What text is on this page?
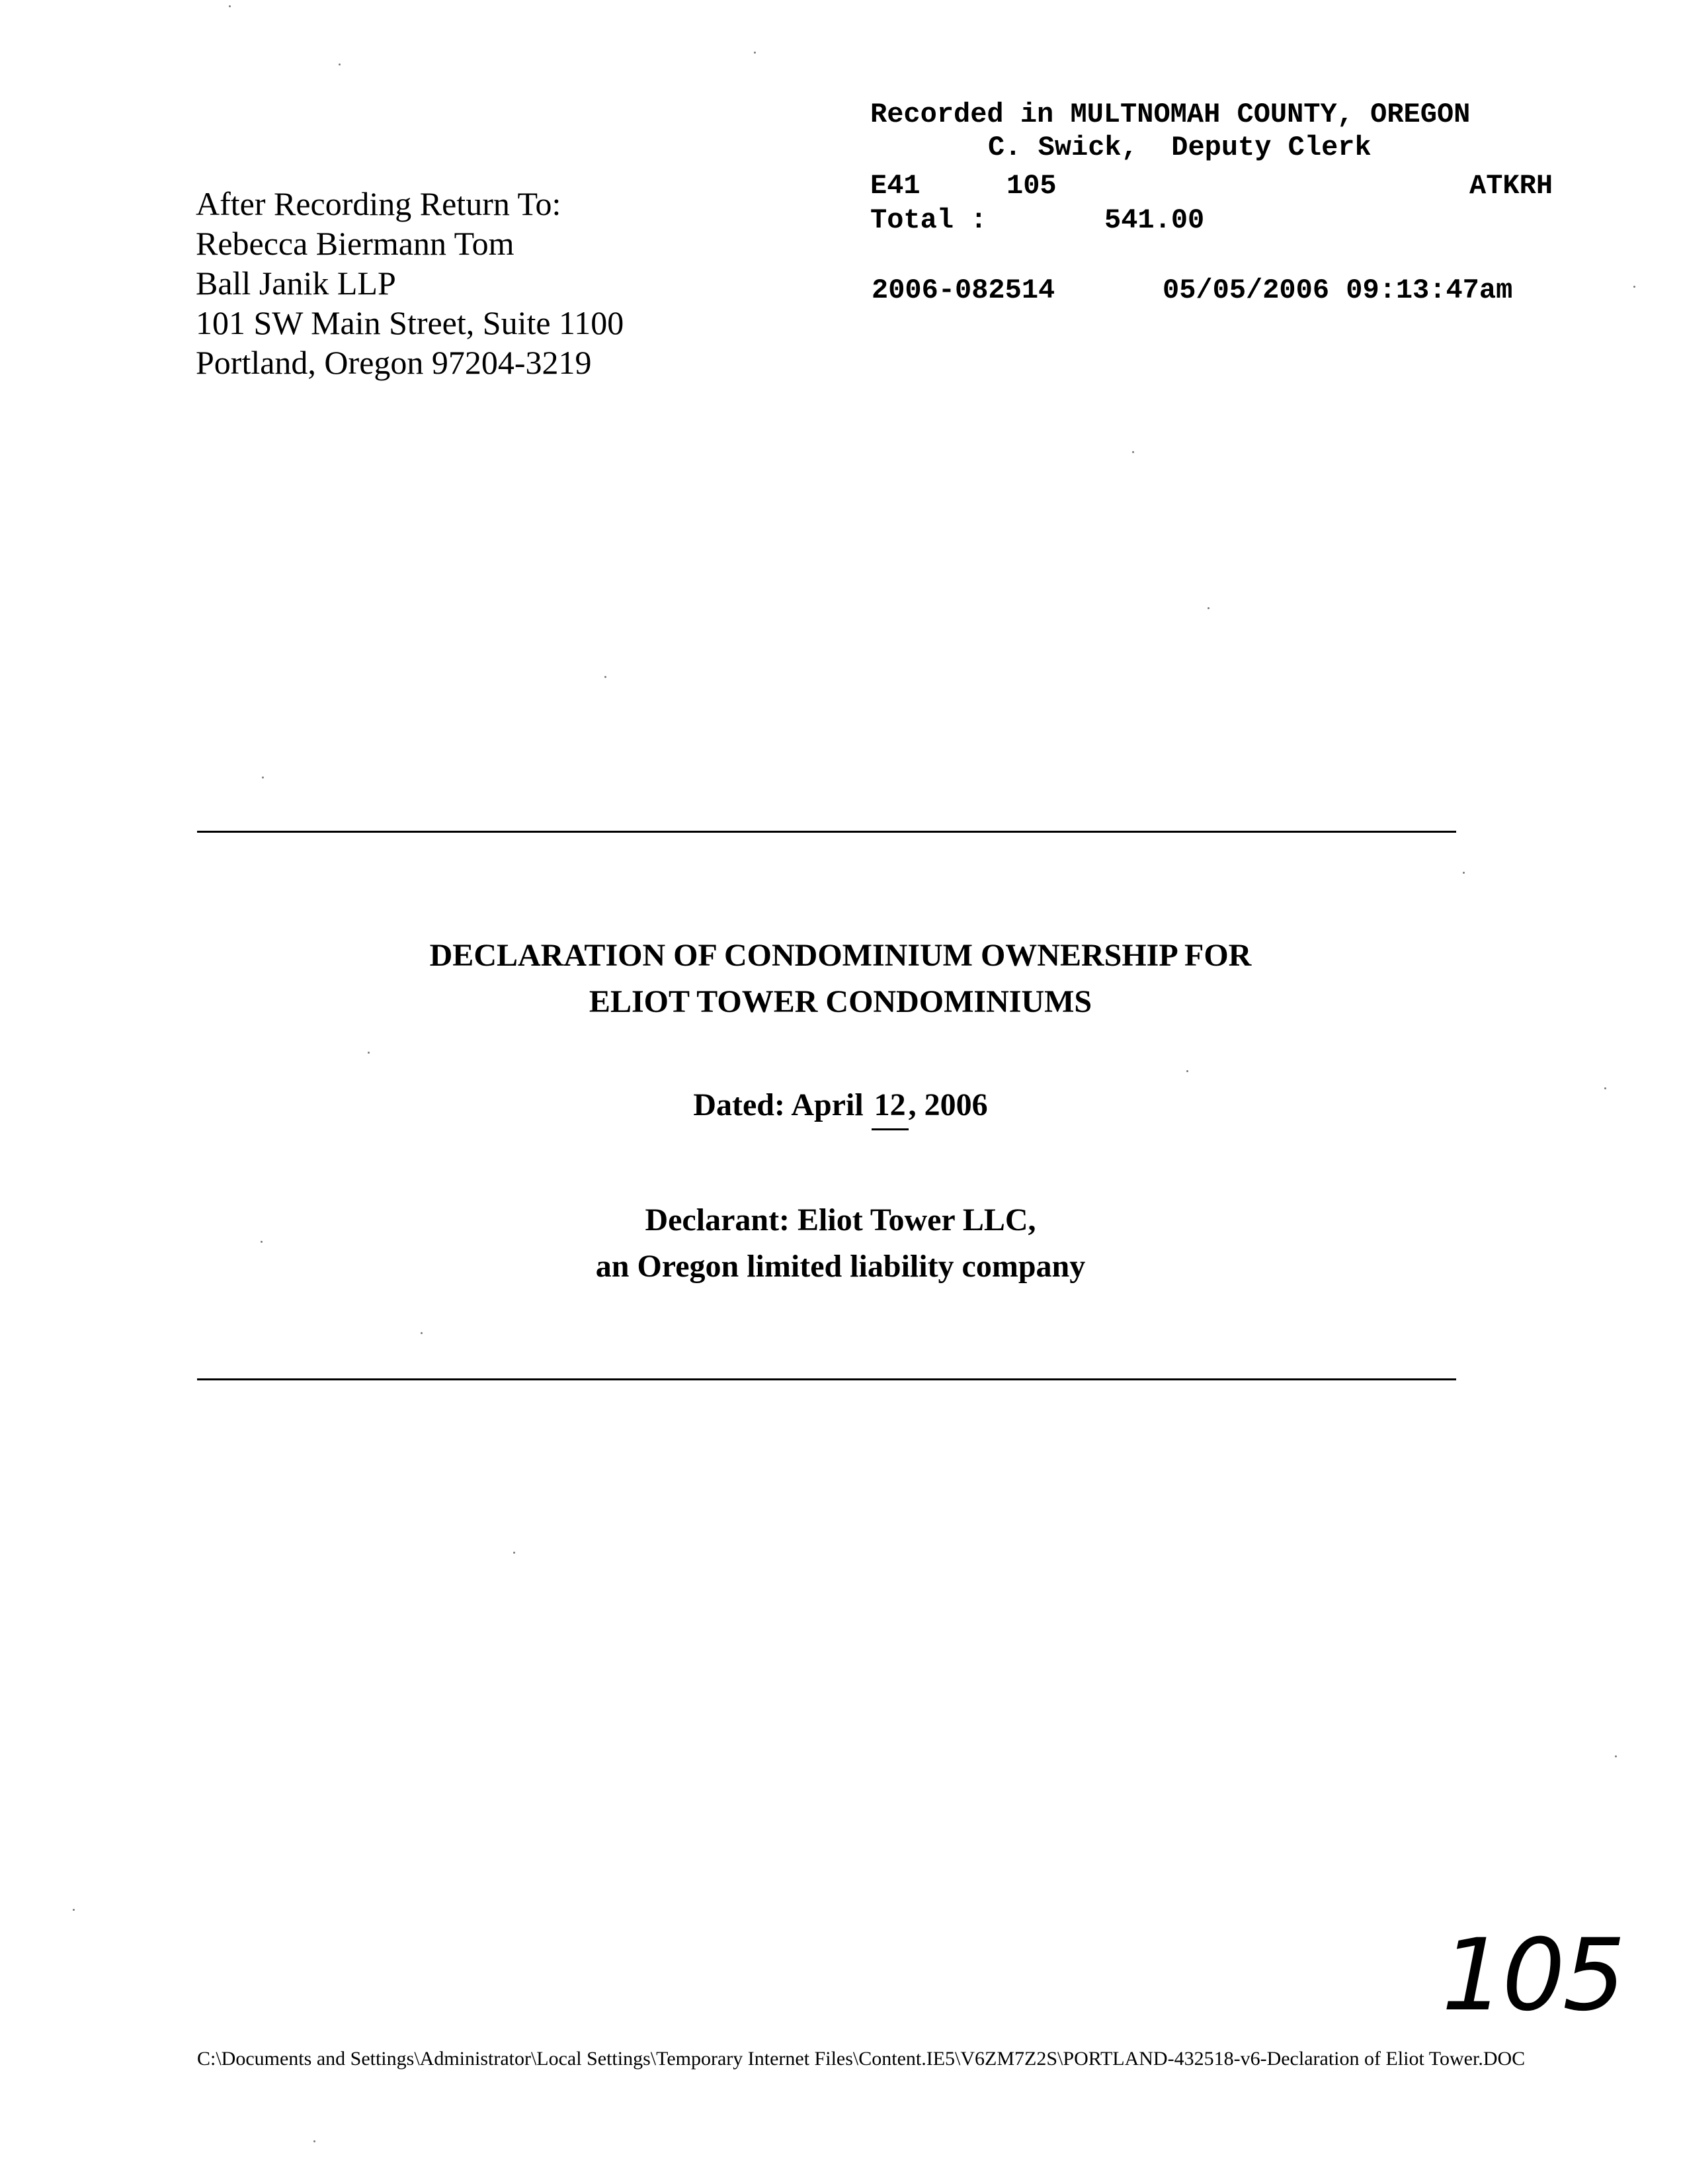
After Recording Return To:
Rebecca Biermann Tom
Ball Janik LLP
101 SW Main Street, Suite 1100
Portland, Oregon 97204-3219
Recorded in MULTNOMAH COUNTY, OREGON
C. Swick,  Deputy Clerk
E41	105	ATKRH
Total :	541.00
2006-082514	05/05/2006 09:13:47am
DECLARATION OF CONDOMINIUM OWNERSHIP FOR
ELIOT TOWER CONDOMINIUMS
Dated: April 12, 2006
Declarant: Eliot Tower LLC,
an Oregon limited liability company
105
C:\Documents and Settings\Administrator\Local Settings\Temporary Internet Files\Content.IE5\V6ZM7Z2S\PORTLAND-432518-v6-Declaration of Eliot Tower.DOC
